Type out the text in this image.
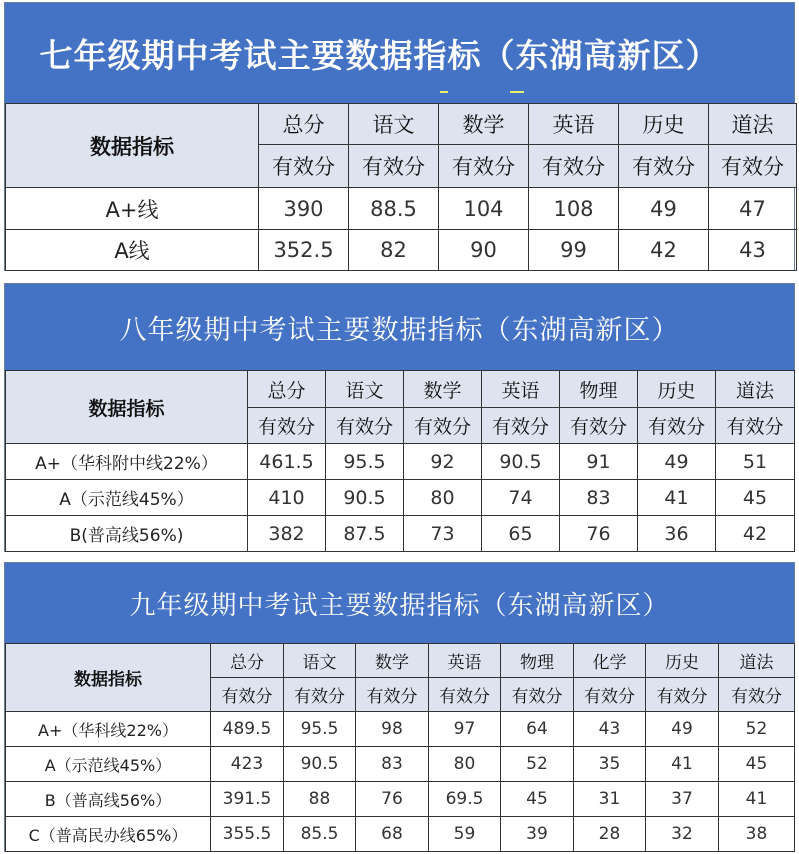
七年级期中考试主要数据指标（东湖高新区）
数据指标	总分	语文	数学	英语	历史	道法
	有效分	有效分	有效分	有效分	有效分	有效分
A+线	390	88.5	104	108	49	47
A线	352.5	82	90	99	42	43
八年级期中考试主要数据指标（东湖高新区）
数据指标	总分	语文	数学	英语	物理	历史	道法
	有效分	有效分	有效分	有效分	有效分	有效分	有效分
A+（华科附中线22%）	461.5	95.5	92	90.5	91	49	51
A（示范线45%）	410	90.5	80	74	83	41	45
B(普高线56%)	382	87.5	73	65	76	36	42
九年级期中考试主要数据指标（东湖高新区）
数据指标	总分	语文	数学	英语	物理	化学	历史	道法
	有效分	有效分	有效分	有效分	有效分	有效分	有效分	有效分
A+（华科线22%）	489.5	95.5	98	97	64	43	49	52
A（示范线45%）	423	90.5	83	80	52	35	41	45
B（普高线56%）	391.5	88	76	69.5	45	31	37	41
C（普高民办线65%）	355.5	85.5	68	59	39	28	32	38
